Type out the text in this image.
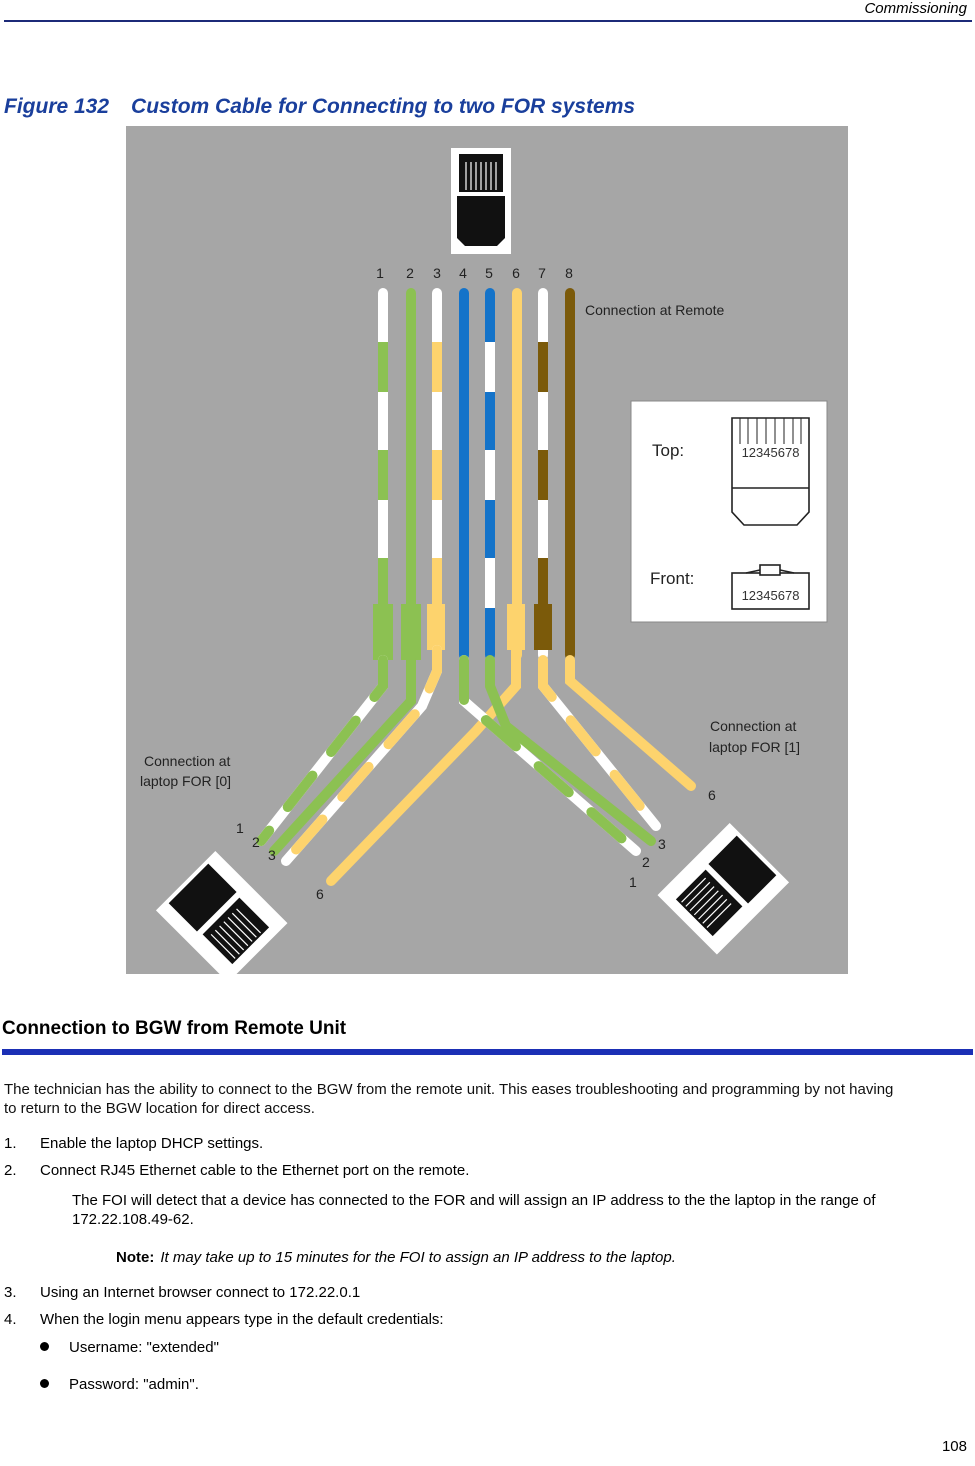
Commissioning
Figure 132 Custom Cable for Connecting to two FOR systems
1 2 3 4 5 6 7 8
Connection at Remote
Connection at
laptop FOR [0]
Connection at
laptop FOR [1]
1
2
3
6
1
2
3
6
Top:
Front:
12345678
12345678
Connection to BGW from Remote Unit
The technician has the ability to connect to the BGW from the remote unit. This eases troubleshooting and programming by not having to return to the BGW location for direct access.
1. Enable the laptop DHCP settings.
2. Connect RJ45 Ethernet cable to the Ethernet port on the remote.
The FOI will detect that a device has connected to the FOR and will assign an IP address to the the laptop in the range of 172.22.108.49-62.
Note: It may take up to 15 minutes for the FOI to assign an IP address to the laptop.
3. Using an Internet browser connect to 172.22.0.1
4. When the login menu appears type in the default credentials:
Username: "extended"
Password: "admin".
108
